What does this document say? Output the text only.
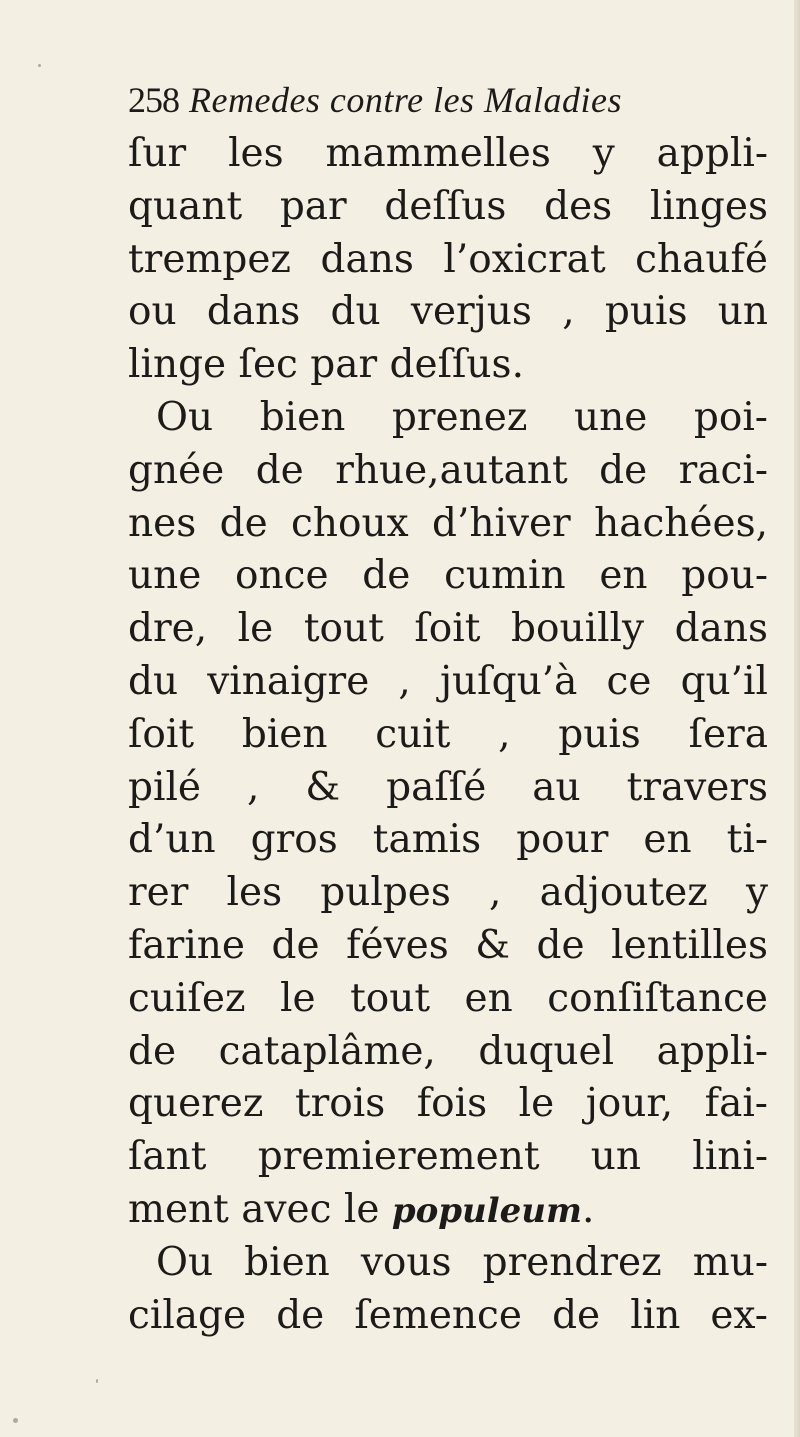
258 Remedes contre les Maladies
ſur les mammelles y appli-
quant par deſſus des linges
trempez dans l’oxicrat chaufé
ou dans du verjus , puis un
linge ſec par deſſus.
Ou bien prenez une poi-
gnée de rhue,autant de raci-
nes de choux d’hiver hachées,
une once de cumin en pou-
dre, le tout ſoit bouilly dans
du vinaigre , juſqu’à ce qu’il
ſoit bien cuit , puis ſera
pilé , & paſſé au travers
d’un gros tamis pour en ti-
rer les pulpes , adjoutez y
farine de féves & de lentilles
cuiſez le tout en conſiſtance
de cataplâme, duquel appli-
querez trois fois le jour, fai-
ſant premierement un lini-
ment avec le populeum.
Ou bien vous prendrez mu-
cilage de ſemence de lin ex-
